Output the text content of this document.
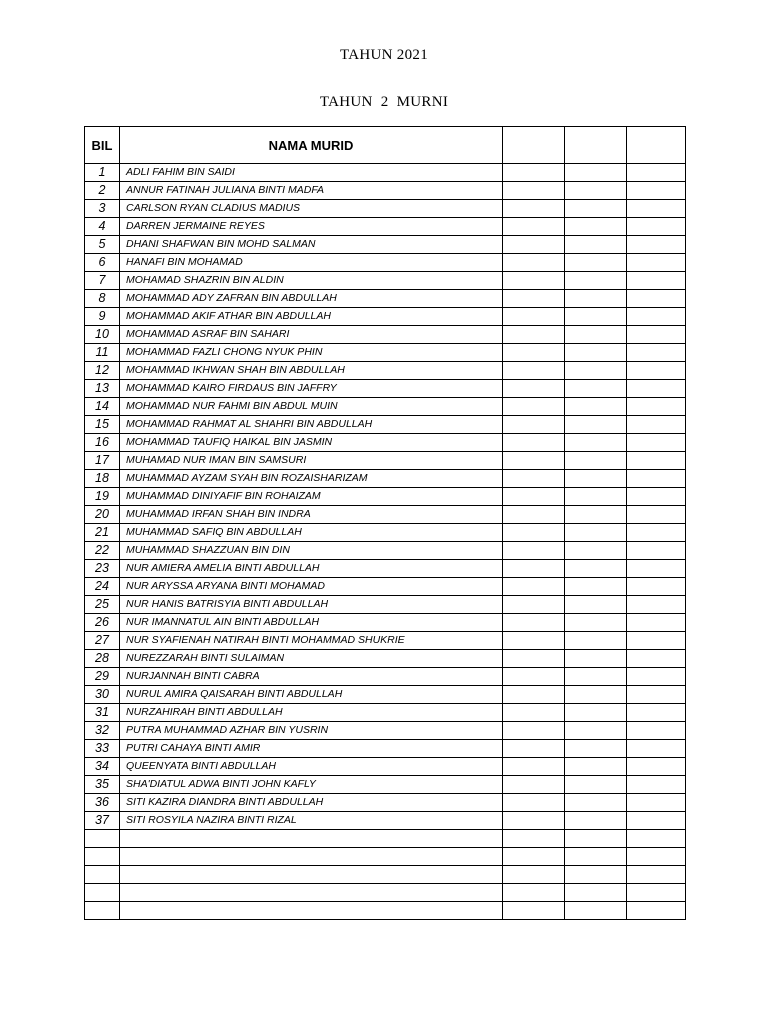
TAHUN 2021
TAHUN  2  MURNI
BIL	NAMA MURID			
1	ADLI FAHIM BIN SAIDI			
2	ANNUR FATINAH JULIANA BINTI MADFA			
3	CARLSON RYAN CLADIUS MADIUS			
4	DARREN JERMAINE REYES			
5	DHANI SHAFWAN BIN MOHD SALMAN			
6	HANAFI BIN MOHAMAD			
7	MOHAMAD SHAZRIN BIN ALDIN			
8	MOHAMMAD ADY ZAFRAN BIN ABDULLAH			
9	MOHAMMAD AKIF ATHAR BIN ABDULLAH			
10	MOHAMMAD ASRAF BIN SAHARI			
11	MOHAMMAD FAZLI CHONG NYUK PHIN			
12	MOHAMMAD IKHWAN SHAH BIN ABDULLAH			
13	MOHAMMAD KAIRO FIRDAUS BIN JAFFRY			
14	MOHAMMAD NUR FAHMI BIN ABDUL MUIN			
15	MOHAMMAD RAHMAT AL SHAHRI BIN ABDULLAH			
16	MOHAMMAD TAUFIQ HAIKAL BIN JASMIN			
17	MUHAMAD NUR IMAN BIN SAMSURI			
18	MUHAMMAD AYZAM SYAH BIN ROZAISHARIZAM			
19	MUHAMMAD DINIYAFIF BIN ROHAIZAM			
20	MUHAMMAD IRFAN SHAH BIN INDRA			
21	MUHAMMAD SAFIQ BIN ABDULLAH			
22	MUHAMMAD SHAZZUAN BIN DIN			
23	NUR AMIERA AMELIA BINTI ABDULLAH			
24	NUR ARYSSA ARYANA BINTI MOHAMAD			
25	NUR HANIS BATRISYIA BINTI ABDULLAH			
26	NUR IMANNATUL AIN BINTI ABDULLAH			
27	NUR SYAFIENAH NATIRAH BINTI MOHAMMAD SHUKRIE			
28	NUREZZARAH BINTI SULAIMAN			
29	NURJANNAH BINTI CABRA			
30	NURUL AMIRA QAISARAH BINTI ABDULLAH			
31	NURZAHIRAH BINTI ABDULLAH			
32	PUTRA MUHAMMAD AZHAR BIN YUSRIN			
33	PUTRI CAHAYA BINTI AMIR			
34	QUEENYATA BINTI ABDULLAH			
35	SHA'DIATUL ADWA BINTI JOHN KAFLY			
36	SITI KAZIRA DIANDRA BINTI ABDULLAH			
37	SITI ROSYILA NAZIRA BINTI RIZAL			
